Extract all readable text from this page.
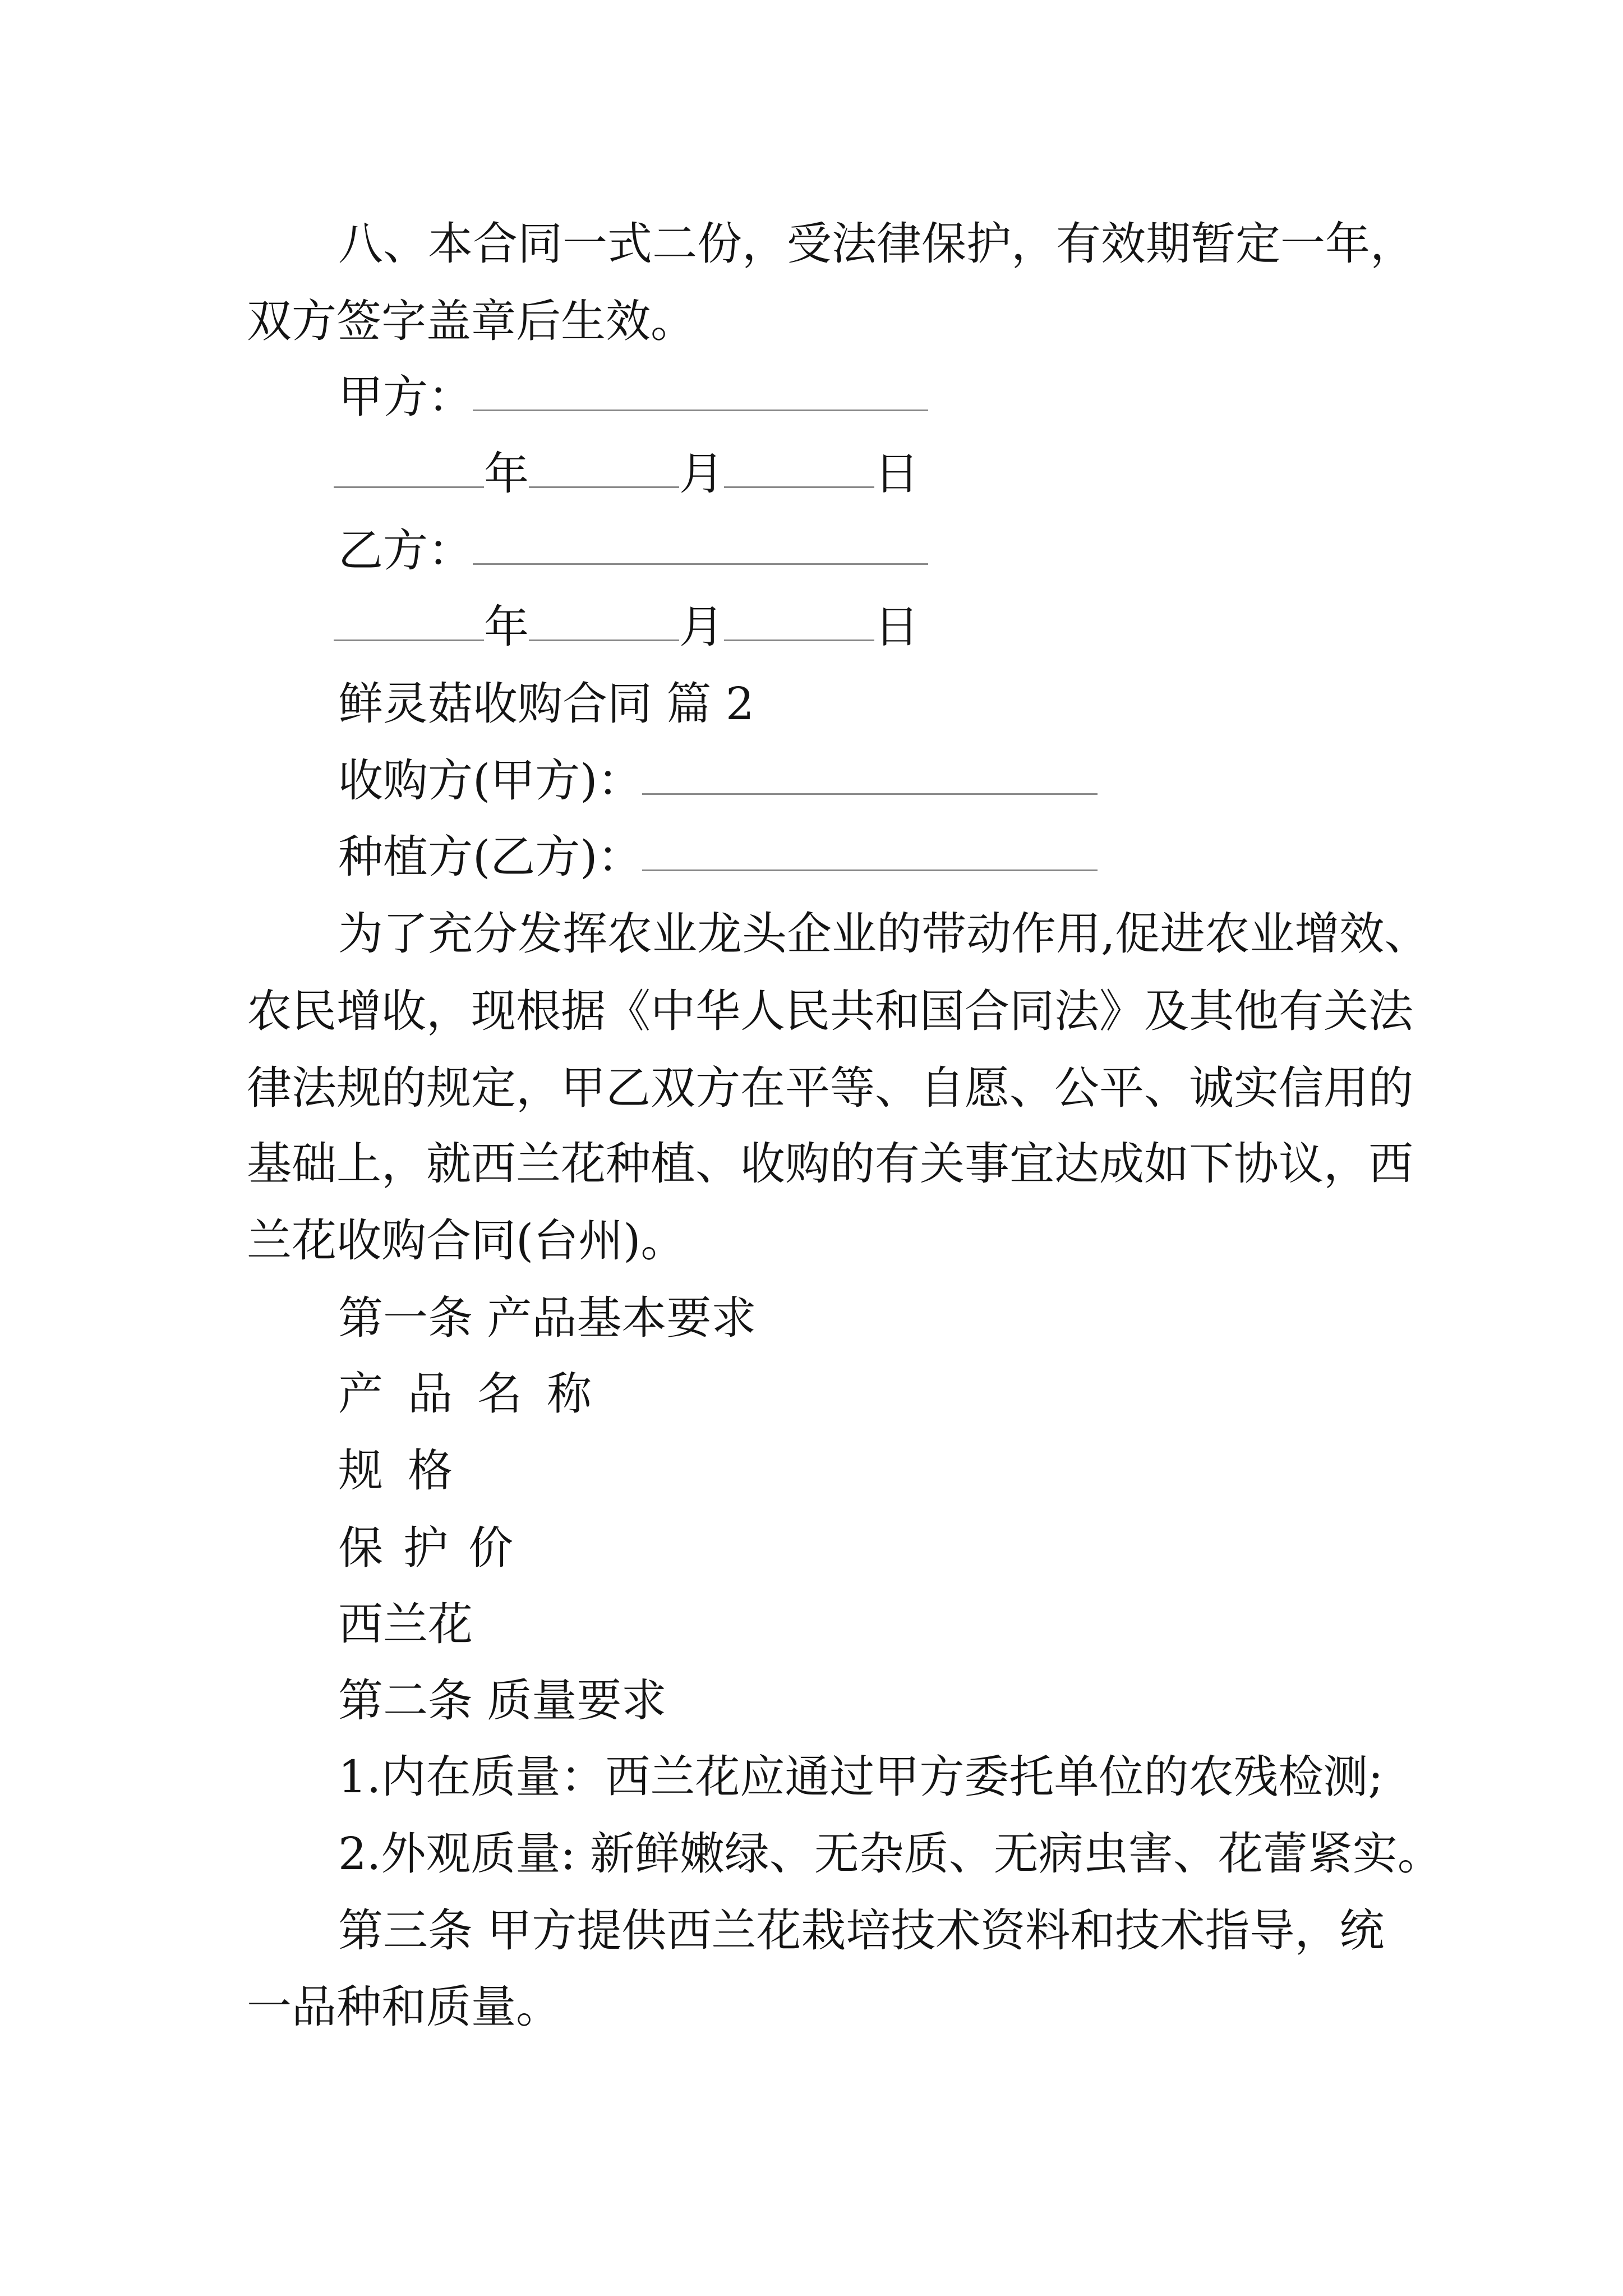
八、本合同一式二份，受法律保护，有效期暂定一年，
双方签字盖章后生效。
甲方：
年	月	日
乙方：
年	月	日
鲜灵菇收购合同 篇 2
收购方(甲方)：
种植方(乙方)：
为了充分发挥农业龙头企业的带动作用,促进农业增效、
农民增收，现根据《中华人民共和国合同法》及其他有关法
律法规的规定，甲乙双方在平等、自愿、公平、诚实信用的
基础上，就西兰花种植、收购的有关事宜达成如下协议，西
兰花收购合同(台州)。
第一条 产品基本要求
产品名称
规格
保护价
西兰花
第二条 质量要求
1.内在质量：西兰花应通过甲方委托单位的农残检测;
2.外观质量: 新鲜嫩绿、无杂质、无病虫害、花蕾紧实。
第三条 甲方提供西兰花栽培技术资料和技术指导，统
一品种和质量。
